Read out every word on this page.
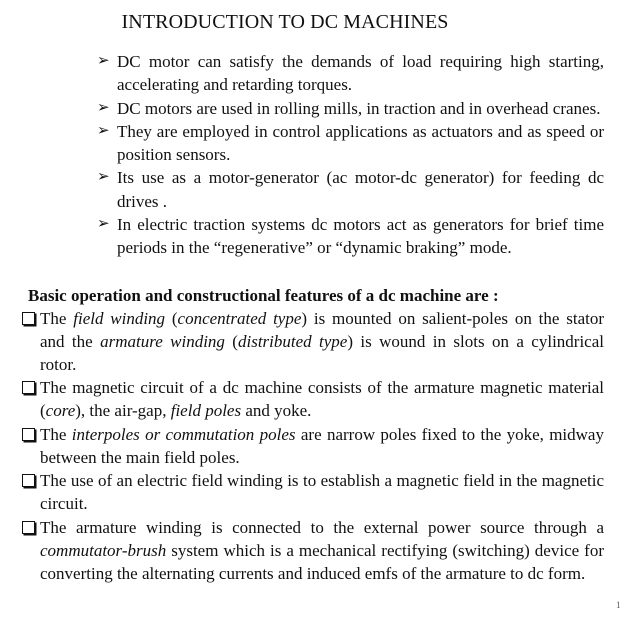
INTRODUCTION TO DC MACHINES
➢ DC motor can satisfy the demands of load requiring high starting, accelerating and retarding torques.
➢ DC motors are used in rolling mills, in traction and in overhead cranes.
➢ They are employed in control applications as actuators and as speed or position sensors.
➢ Its use as a motor-generator (ac motor-dc generator) for feeding dc drives .
➢ In electric traction systems dc motors act as generators for brief time periods in the “regenerative” or “dynamic braking” mode.
Basic operation and constructional features of a dc machine are :
The field winding (concentrated type) is mounted on salient-poles on the stator and the armature winding (distributed type) is wound in slots on a cylindrical rotor.
The magnetic circuit of a dc machine consists of the armature magnetic material (core), the air-gap, field poles and yoke.
The interpoles or commutation poles are narrow poles fixed to the yoke, midway between the main field poles.
The use of an electric field winding is to establish a magnetic field in the magnetic circuit.
The armature winding is connected to the external power source through a commutator-brush system which is a mechanical rectifying (switching) device for converting the alternating currents and induced emfs of the armature to dc form.
1
